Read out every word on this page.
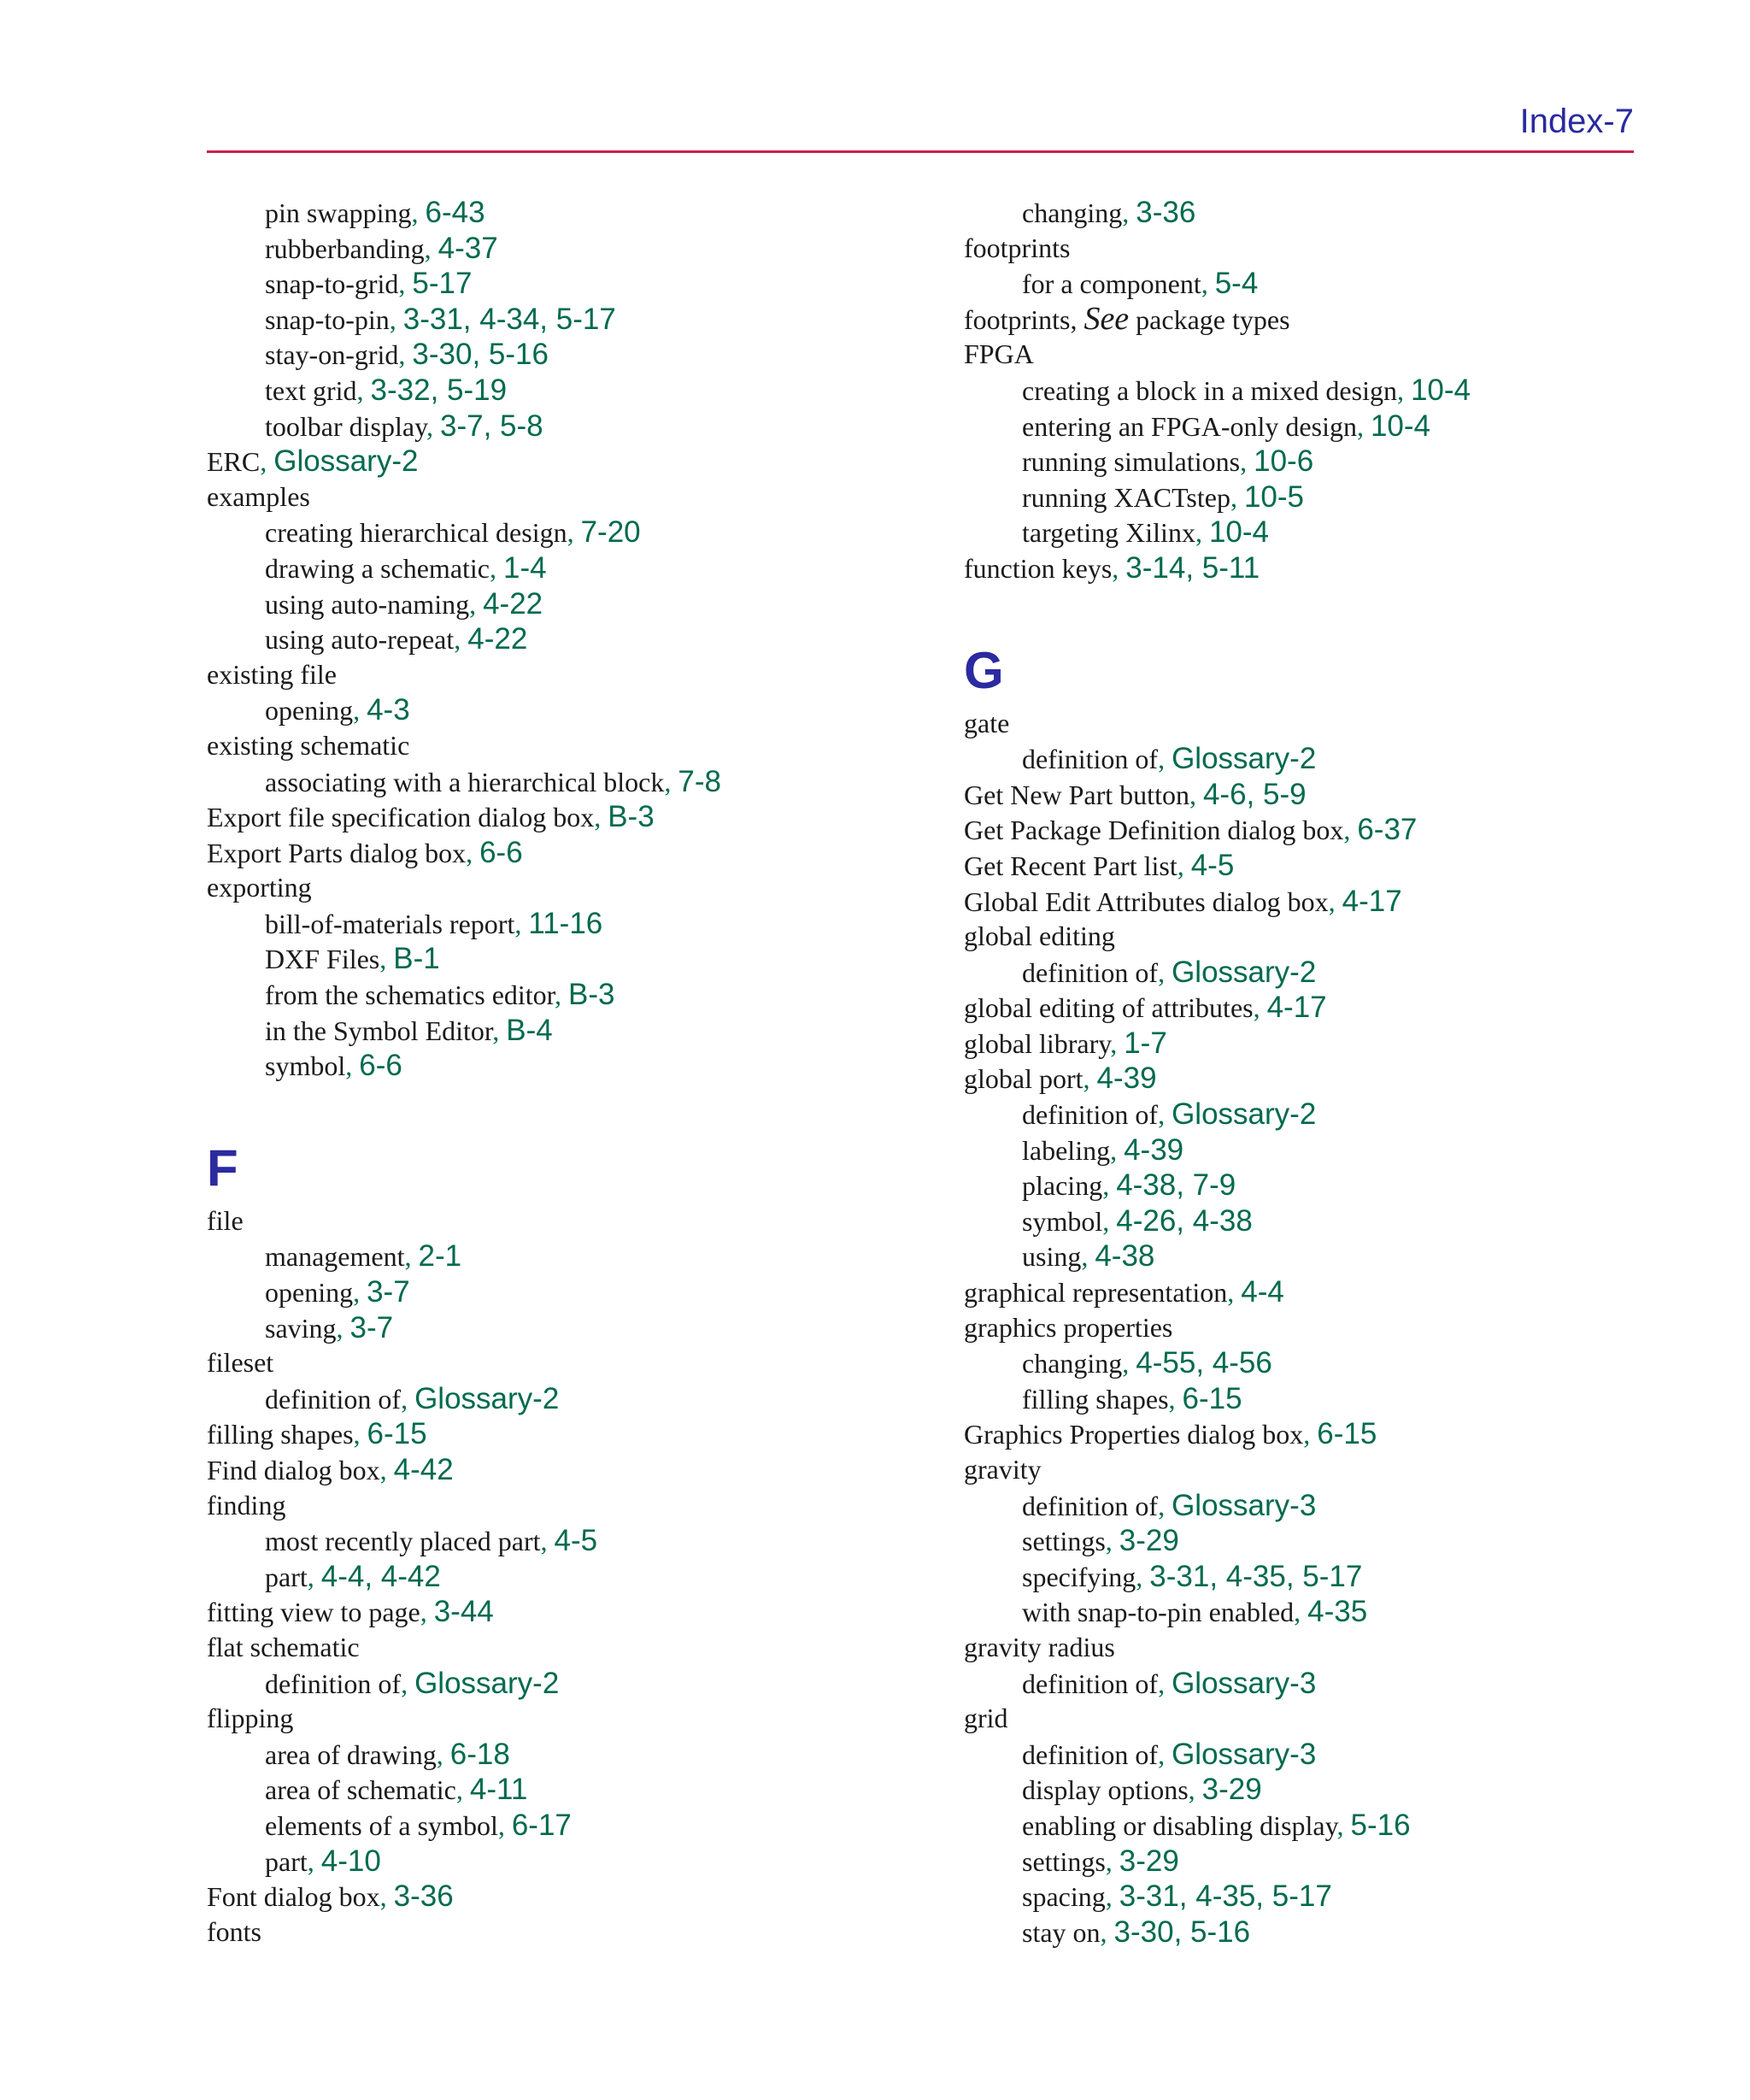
Index-7
pin swapping, 6-43
rubberbanding, 4-37
snap-to-grid, 5-17
snap-to-pin, 3-31, 4-34, 5-17
stay-on-grid, 3-30, 5-16
text grid, 3-32, 5-19
toolbar display, 3-7, 5-8
ERC, Glossary-2
examples
creating hierarchical design, 7-20
drawing a schematic, 1-4
using auto-naming, 4-22
using auto-repeat, 4-22
existing file
opening, 4-3
existing schematic
associating with a hierarchical block, 7-8
Export file specification dialog box, B-3
Export Parts dialog box, 6-6
exporting
bill-of-materials report, 11-16
DXF Files, B-1
from the schematics editor, B-3
in the Symbol Editor, B-4
symbol, 6-6
F
file
management, 2-1
opening, 3-7
saving, 3-7
fileset
definition of, Glossary-2
filling shapes, 6-15
Find dialog box, 4-42
finding
most recently placed part, 4-5
part, 4-4, 4-42
fitting view to page, 3-44
flat schematic
definition of, Glossary-2
flipping
area of drawing, 6-18
area of schematic, 4-11
elements of a symbol, 6-17
part, 4-10
Font dialog box, 3-36
fonts
changing, 3-36
footprints
for a component, 5-4
footprints, See package types
FPGA
creating a block in a mixed design, 10-4
entering an FPGA-only design, 10-4
running simulations, 10-6
running XACTstep, 10-5
targeting Xilinx, 10-4
function keys, 3-14, 5-11
G
gate
definition of, Glossary-2
Get New Part button, 4-6, 5-9
Get Package Definition dialog box, 6-37
Get Recent Part list, 4-5
Global Edit Attributes dialog box, 4-17
global editing
definition of, Glossary-2
global editing of attributes, 4-17
global library, 1-7
global port, 4-39
definition of, Glossary-2
labeling, 4-39
placing, 4-38, 7-9
symbol, 4-26, 4-38
using, 4-38
graphical representation, 4-4
graphics properties
changing, 4-55, 4-56
filling shapes, 6-15
Graphics Properties dialog box, 6-15
gravity
definition of, Glossary-3
settings, 3-29
specifying, 3-31, 4-35, 5-17
with snap-to-pin enabled, 4-35
gravity radius
definition of, Glossary-3
grid
definition of, Glossary-3
display options, 3-29
enabling or disabling display, 5-16
settings, 3-29
spacing, 3-31, 4-35, 5-17
stay on, 3-30, 5-16
